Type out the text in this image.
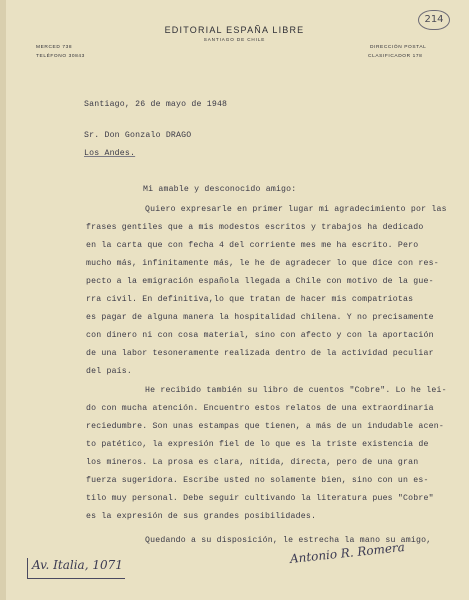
214
EDITORIAL ESPAÑA LIBRE
SANTIAGO DE CHILE
MERCED 738
TELÉFONO 30843
DIRECCIÓN POSTAL
CLASIFICADOR 178
Santiago, 26 de mayo de 1948
Sr. Don Gonzalo DRAGO
Los Andes.
Mi amable y desconocido amigo:
Quiero expresarle en primer lugar mi agradecimiento por las
frases gentiles que a mis modestos escritos y trabajos ha dedicado
en la carta que con fecha 4 del corriente mes me ha escrito. Pero
mucho más, infinitamente más, le he de agradecer lo que dice con res-
pecto a la emigración española llegada a Chile con motivo de la gue-
rra civil. En definitiva,lo que tratan de hacer mis compatriotas
es pagar de alguna manera la hospitalidad chilena. Y no precisamente
con dinero ni con cosa material, sino con afecto y con la aportación
de una labor tesoneramente realizada dentro de la actividad peculiar
del país.
He recibido también su libro de cuentos "Cobre". Lo he lei-
do con mucha atención. Encuentro estos relatos de una extraordinaria
reciedumbre. Son unas estampas que tienen, a más de un indudable acen-
to patético, la expresión fiel de lo que es la triste existencia de
los mineros. La prosa es clara, nítida, directa, pero de una gran
fuerza sugeridora. Escribe usted no solamente bien, sino con un es-
tilo muy personal. Debe seguir cultivando la literatura pues "Cobre"
es la expresión de sus grandes posibilidades.
Quedando a su disposición, le estrecha la mano su amigo,
Av. Italia, 1071	Antonio R. Romera
